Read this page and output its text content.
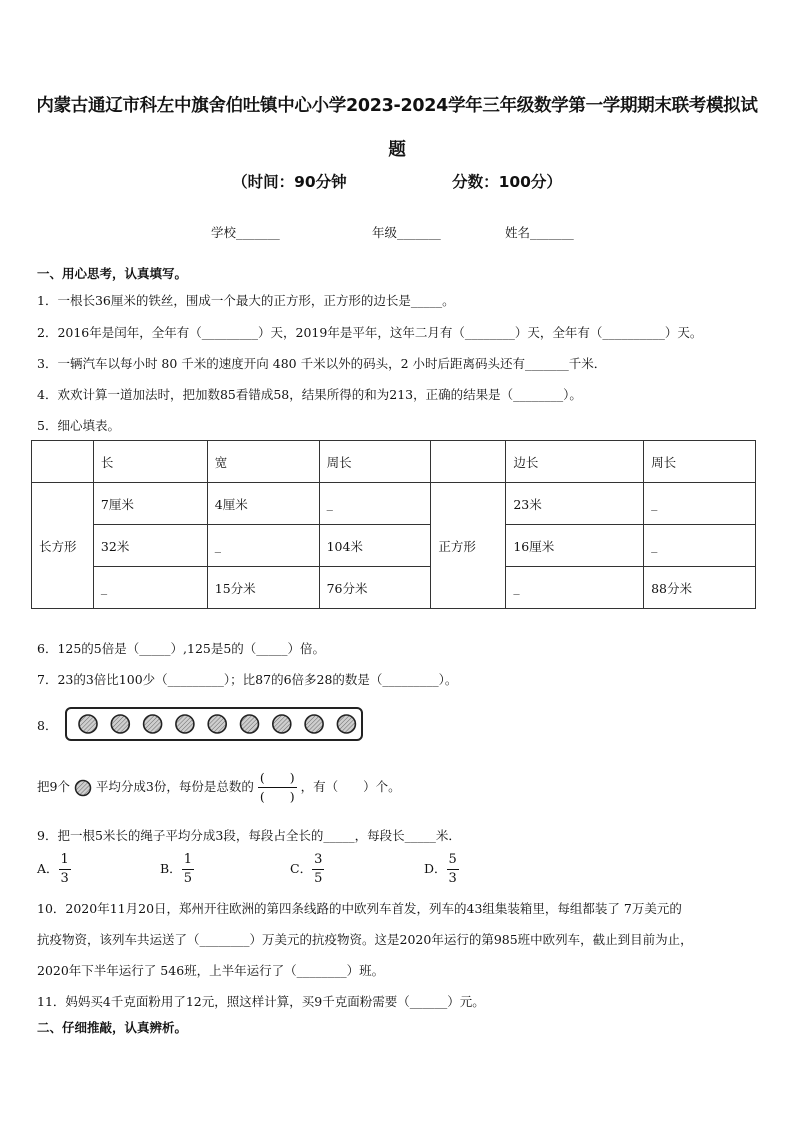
内蒙古通辽市科左中旗舍伯吐镇中心小学2023-2024学年三年级数学第一学期期末联考模拟试题
（时间：90分钟	分数：100分）
学校_______	年级_______	姓名_______
一、用心思考，认真填写。
1．一根长36厘米的铁丝，围成一个最大的正方形，正方形的边长是_____。
2．2016年是闰年，全年有（_________）天，2019年是平年，这年二月有（________）天，全年有（__________）天。
3．一辆汽车以每小时 80 千米的速度开向 480 千米以外的码头，2 小时后距离码头还有_______千米．
4．欢欢计算一道加法时，把加数85看错成58，结果所得的和为213，正确的结果是（________）。
5．细心填表。
	长	宽	周长		边长	周长
长方形	7厘米	4厘米	_	正方形	23米	_
	32米	_	104米		16厘米	_
	_	15分米	76分米		_	88分米
6．125的5倍是（_____）,125是5的（_____）倍。
7．23的3倍比100少（_________）；比87的6倍多28的数是（_________）。
8．
把9个 平均分成3份，每份是总数的 $\frac{( )}{( )}$ ，有（　　）个。
9．把一根5米长的绳子平均分成3段，每段占全长的_____，每段长_____米．
A． $\frac{1}{3}$	B． $\frac{1}{5}$	C． $\frac{3}{5}$	D． $\frac{5}{3}$
10．2020年11月20日，郑州开往欧洲的第四条线路的中欧列车首发，列车的43组集装箱里，每组都装了 7万美元的
抗疫物资，该列车共运送了（________）万美元的抗疫物资。这是2020年运行的第985班中欧列车，截止到目前为止，
2020年下半年运行了 546班，上半年运行了（________）班。
11．妈妈买4千克面粉用了12元，照这样计算，买9千克面粉需要（______）元。
二、仔细推敲，认真辨析。
